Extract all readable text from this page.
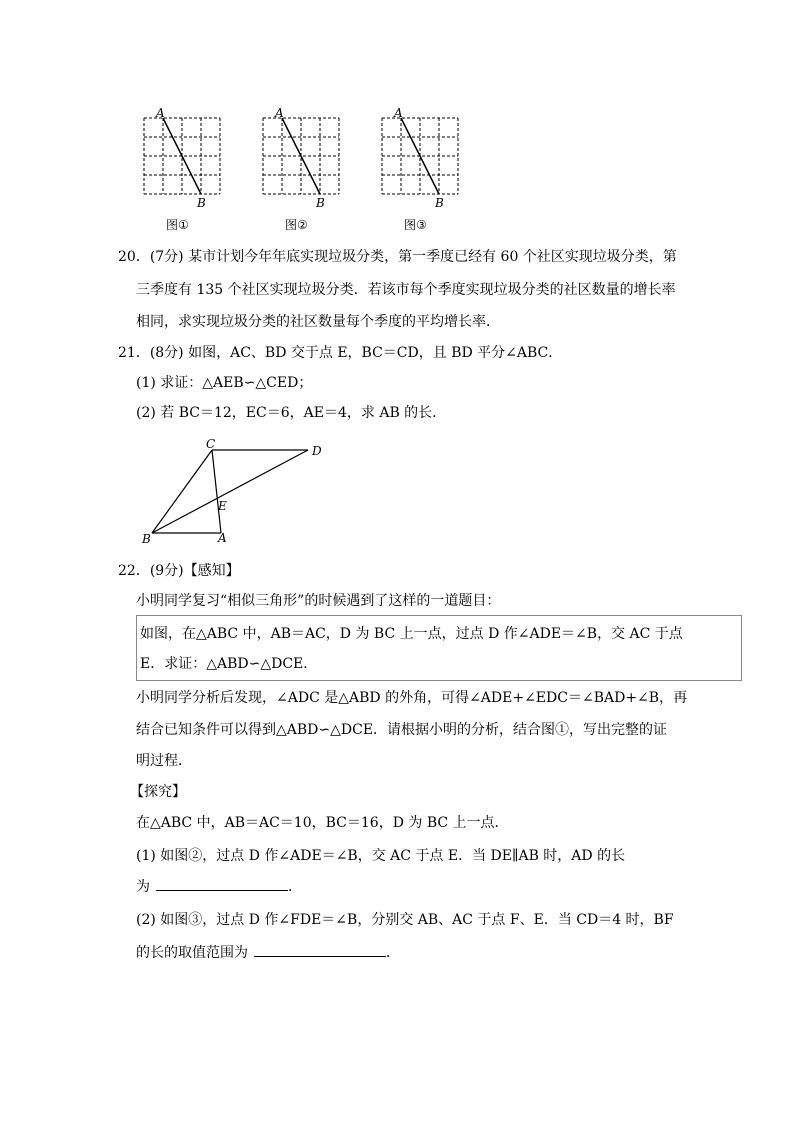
A
B
图①
A
B
图②
A
B
图③
20．(7分) 某市计划今年年底实现垃圾分类，第一季度已经有 60 个社区实现垃圾分类，第
三季度有 135 个社区实现垃圾分类．若该市每个季度实现垃圾分类的社区数量的增长率
相同，求实现垃圾分类的社区数量每个季度的平均增长率．
21．(8分) 如图，AC、BD 交于点 E，BC＝CD，且 BD 平分∠ABC．
(1) 求证：△AEB∽△CED；
(2) 若 BC＝12，EC＝6，AE＝4，求 AB 的长．
C	D
E
B	A
22．(9分)【感知】
小明同学复习“相似三角形”的时候遇到了这样的一道题目：
如图，在△ABC 中，AB＝AC，D 为 BC 上一点，过点 D 作∠ADE＝∠B，交 AC 于点
E．求证：△ABD∽△DCE．
小明同学分析后发现，∠ADC 是△ABD 的外角，可得∠ADE+∠EDC＝∠BAD+∠B，再
结合已知条件可以得到△ABD∽△DCE．请根据小明的分析，结合图①，写出完整的证
明过程．
【探究】
在△ABC 中，AB＝AC＝10，BC＝16，D 为 BC 上一点．
(1) 如图②，过点 D 作∠ADE＝∠B，交 AC 于点 E．当 DE∥AB 时，AD 的长
为	．
(2) 如图③，过点 D 作∠FDE＝∠B，分别交 AB、AC 于点 F、E．当 CD＝4 时，BF
的长的取值范围为	．
